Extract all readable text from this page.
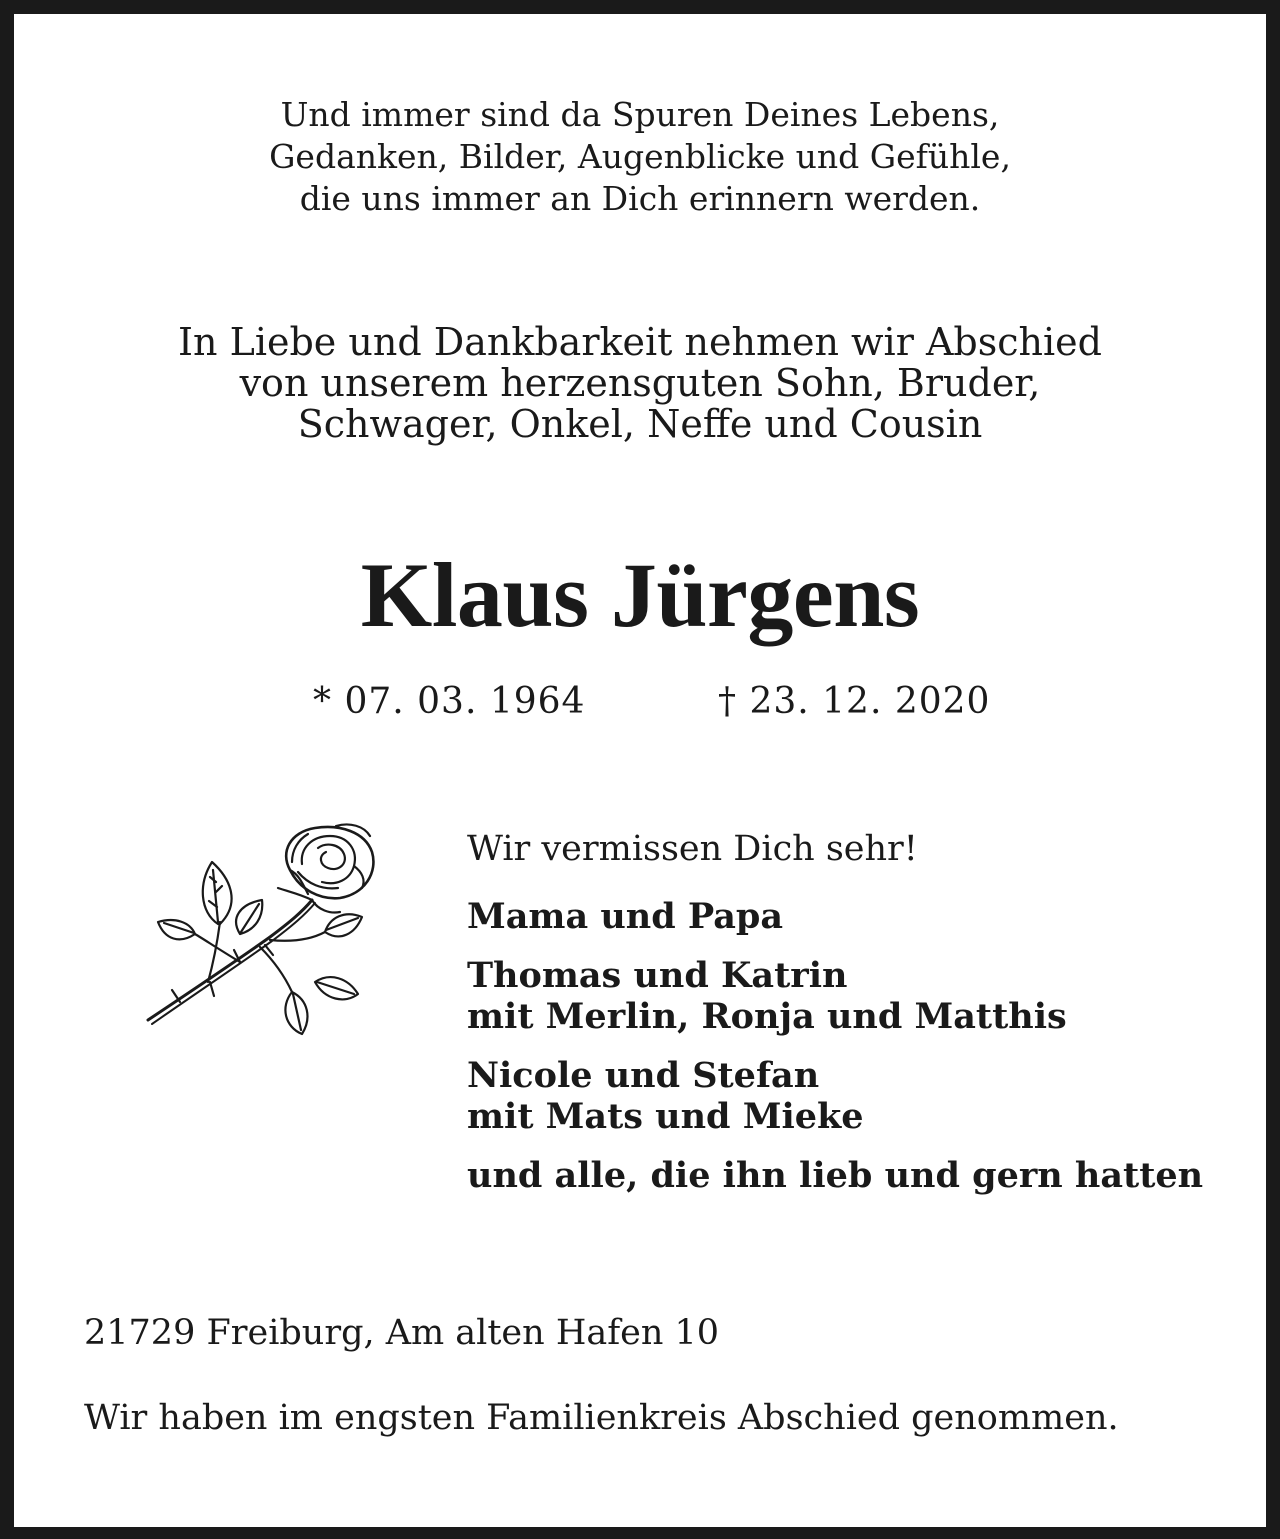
Und immer sind da Spuren Deines Lebens,
Gedanken, Bilder, Augenblicke und Gefühle,
die uns immer an Dich erinnern werden.
In Liebe und Dankbarkeit nehmen wir Abschied
von unserem herzensguten Sohn, Bruder,
Schwager, Onkel, Neffe und Cousin
Klaus Jürgens
* 07. 03. 1964	† 23. 12. 2020
Wir vermissen Dich sehr!
Mama und Papa
Thomas und Katrin
mit Merlin, Ronja und Matthis
Nicole und Stefan
mit Mats und Mieke
und alle, die ihn lieb und gern hatten
21729 Freiburg, Am alten Hafen 10
Wir haben im engsten Familienkreis Abschied genommen.
